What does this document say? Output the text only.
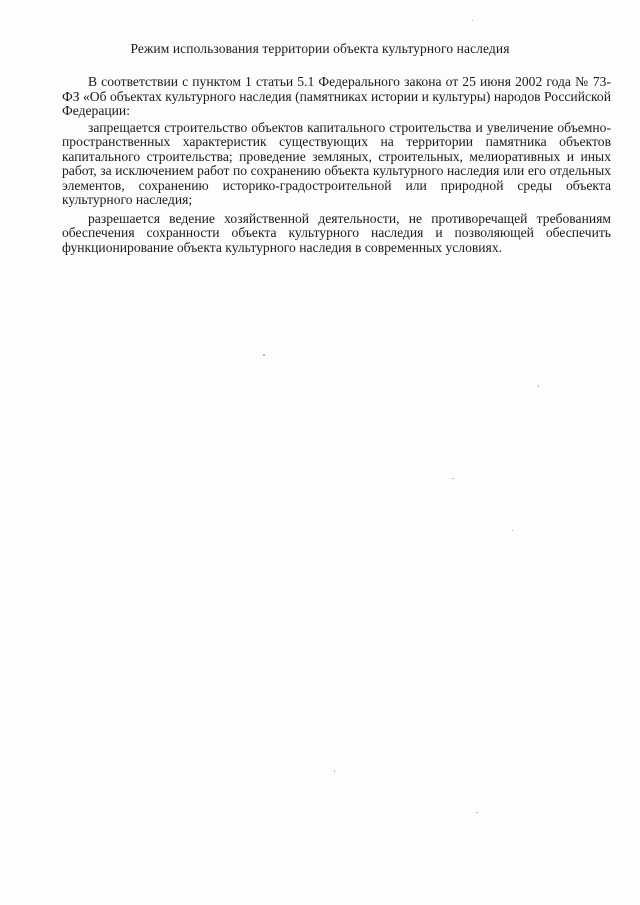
Режим использования территории объекта культурного наследия

В соответствии с пунктом 1 статьи 5.1 Федерального закона от 25 июня 2002 года № 73-ФЗ «Об объектах культурного наследия (памятниках истории и культуры) народов Российской Федерации:

запрещается строительство объектов капитального строительства и увеличение объемно-пространственных характеристик существующих на территории памятника объектов капитального строительства; проведение земляных, строительных, мелиоративных и иных работ, за исключением работ по сохранению объекта культурного наследия или его отдельных элементов, сохранению историко-градостроительной или природной среды объекта культурного наследия;

разрешается ведение хозяйственной деятельности, не противоречащей требованиям обеспечения сохранности объекта культурного наследия и позволяющей обеспечить функционирование объекта культурного наследия в современных условиях.
